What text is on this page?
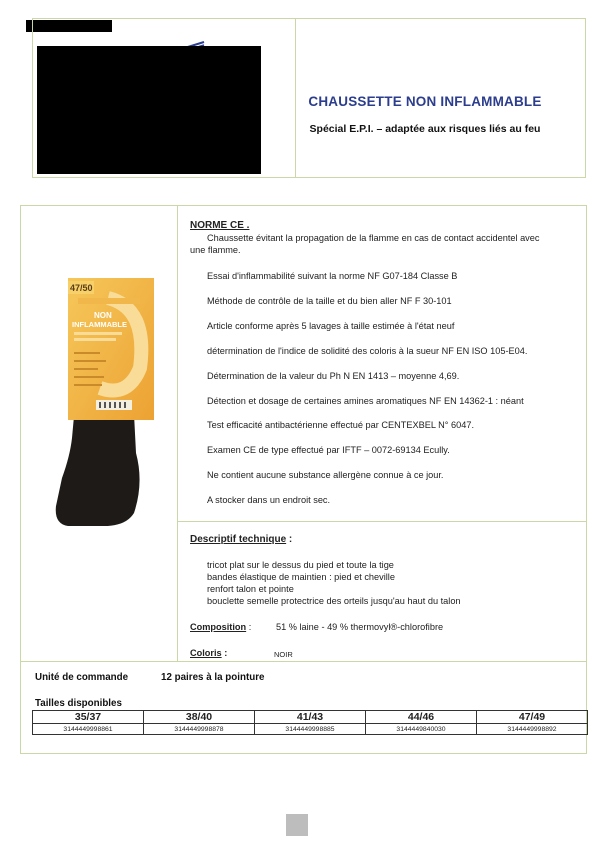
CHAUSSETTE NON INFLAMMABLE
Spécial E.P.I. – adaptée aux risques liés au feu
47/50
NON
INFLAMMABLE
NORME CE .
Chaussette évitant la propagation de la flamme en cas de contact accidentel avec
une flamme.
Essai d'inflammabilité suivant la norme NF G07-184 Classe B
Méthode de contrôle de la taille et du bien aller NF F 30-101
Article conforme après 5 lavages à taille estimée à l'état neuf
détermination de l'indice de solidité des coloris à la sueur NF EN ISO 105-E04.
Détermination de la valeur du Ph N EN 1413 – moyenne 4,69.
Détection et dosage de certaines amines aromatiques NF EN 14362-1 : néant
Test efficacité antibactérienne effectué par CENTEXBEL N° 6047.
Examen CE de type effectué par IFTF – 0072-69134 Ecully.
Ne contient aucune substance allergène connue à ce jour.
A stocker dans un endroit sec.
Descriptif technique :
tricot plat sur le dessus du pied et toute la tige
bandes élastique de maintien : pied et cheville
renfort talon et pointe
bouclette semelle protectrice des orteils jusqu'au haut du talon
Composition :	51 % laine - 49 % thermovyl®-chlorofibre
Coloris :	NOIR
Unité de commande	12 paires à la pointure
Tailles disponibles
35/37	38/40	41/43	44/46	47/49
3144449998861	3144449998878	3144449998885	3144449840030	3144449998892
